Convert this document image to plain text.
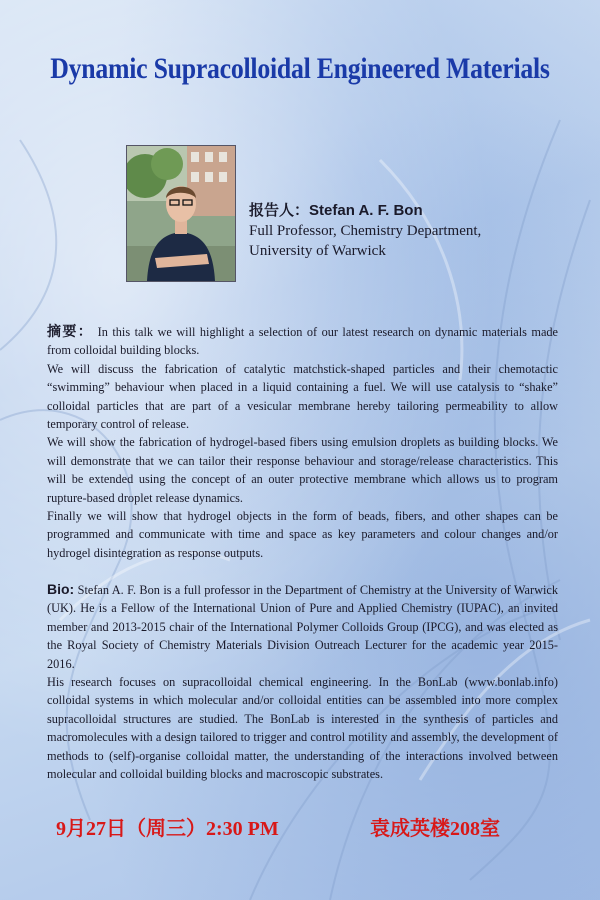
Dynamic Supracolloidal Engineered Materials
报告人：Stefan A. F. Bon
Full Professor, Chemistry Department,
University of Warwick

摘要： In this talk we will highlight a selection of our latest research on dynamic materials made from colloidal building blocks.

We will discuss the fabrication of catalytic matchstick-shaped particles and their chemotactic “swimming” behaviour when placed in a liquid containing a fuel. We will use catalysis to “shake” colloidal particles that are part of a vesicular membrane hereby tailoring permeability to allow temporary control of release.

We will show the fabrication of hydrogel-based fibers using emulsion droplets as building blocks. We will demonstrate that we can tailor their response behaviour and storage/release characteristics. This will be extended using the concept of an outer protective membrane which allows us to program rupture-based droplet release dynamics.

Finally we will show that hydrogel objects in the form of beads, fibers, and other shapes can be programmed and communicate with time and space as key parameters and colour changes and/or hydrogel disintegration as response outputs.

Bio: Stefan A. F. Bon is a full professor in the Department of Chemistry at the University of Warwick (UK). He is a Fellow of the International Union of Pure and Applied Chemistry (IUPAC), an invited member and 2013-2015 chair of the International Polymer Colloids Group (IPCG), and was elected as the Royal Society of Chemistry Materials Division Outreach Lecturer for the academic year 2015-2016.

His research focuses on supracolloidal chemical engineering. In the BonLab (www.bonlab.info) colloidal systems in which molecular and/or colloidal entities can be assembled into more complex supracolloidal structures are studied. The BonLab is interested in the synthesis of particles and macromolecules with a design tailored to trigger and control motility and assembly, the development of methods to (self)-organise colloidal matter, the understanding of the interactions involved between molecular and colloidal building blocks and macroscopic substrates.

9月27日（周三）2:30 PM	袁成英楼208室
